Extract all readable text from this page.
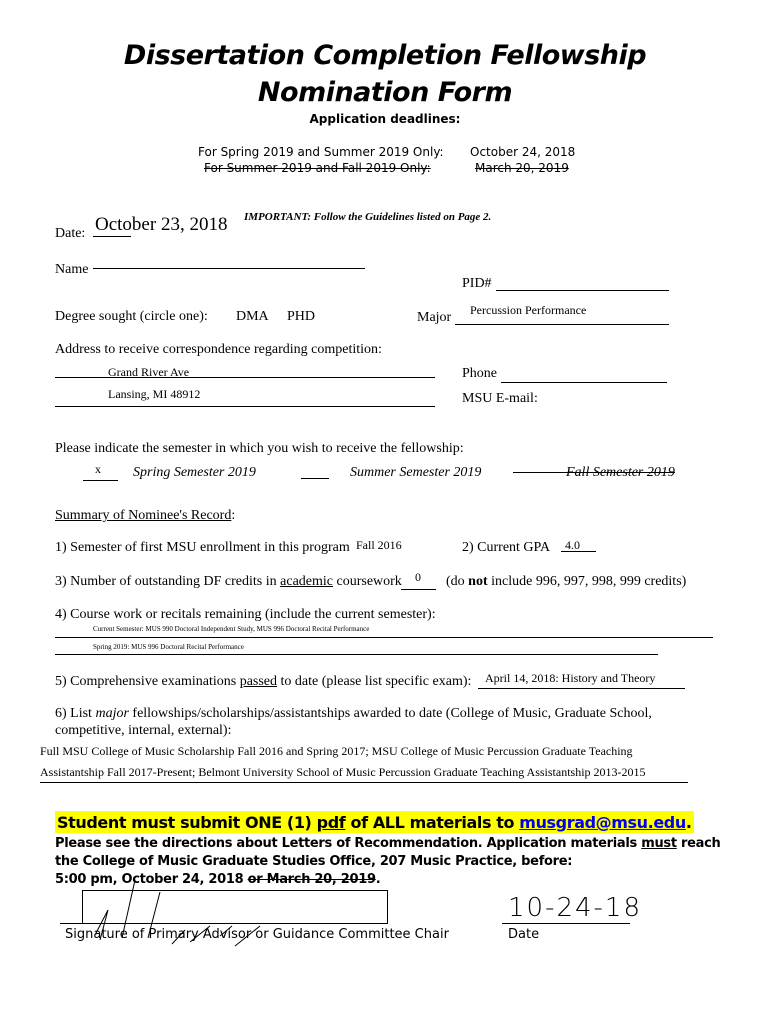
Dissertation Completion Fellowship
Nomination Form
Application deadlines:
For Spring 2019 and Summer 2019 Only: October 24, 2018
For Summer 2019 and Fall 2019 Only:	March 20, 2019
Date: October 23, 2018 IMPORTANT: Follow the Guidelines listed on Page 2.
Name
PID#
Degree sought (circle one): DMA PHD	Major Percussion Performance
Address to receive correspondence regarding competition:
Grand River Ave
Lansing, MI 48912
Phone
MSU E-mail:
Please indicate the semester in which you wish to receive the fellowship:
x Spring Semester 2019	Summer Semester 2019	Fall Semester 2019
Summary of Nominee's Record:
1) Semester of first MSU enrollment in this program Fall 2016	2) Current GPA 4.0
3) Number of outstanding DF credits in academic coursework 0 (do not include 996, 997, 998, 999 credits)
4) Course work or recitals remaining (include the current semester):
Current Semester: MUS 990 Doctoral Independent Study, MUS 996 Doctoral Recital Performance
Spring 2019: MUS 996 Doctoral Recital Performance
5) Comprehensive examinations passed to date (please list specific exam): April 14, 2018: History and Theory
6) List major fellowships/scholarships/assistantships awarded to date (College of Music, Graduate School,
competitive, internal, external):
Full MSU College of Music Scholarship Fall 2016 and Spring 2017; MSU College of Music Percussion Graduate Teaching
Assistantship Fall 2017-Present; Belmont University School of Music Percussion Graduate Teaching Assistantship 2013-2015
Student must submit ONE (1) pdf of ALL materials to musgrad@msu.edu.
Please see the directions about Letters of Recommendation. Application materials must reach
the College of Music Graduate Studies Office, 207 Music Practice, before:
5:00 pm, October 24, 2018 or March 20, 2019.
Signature of Primary Advisor or Guidance Committee Chair
10-24-18
Date
